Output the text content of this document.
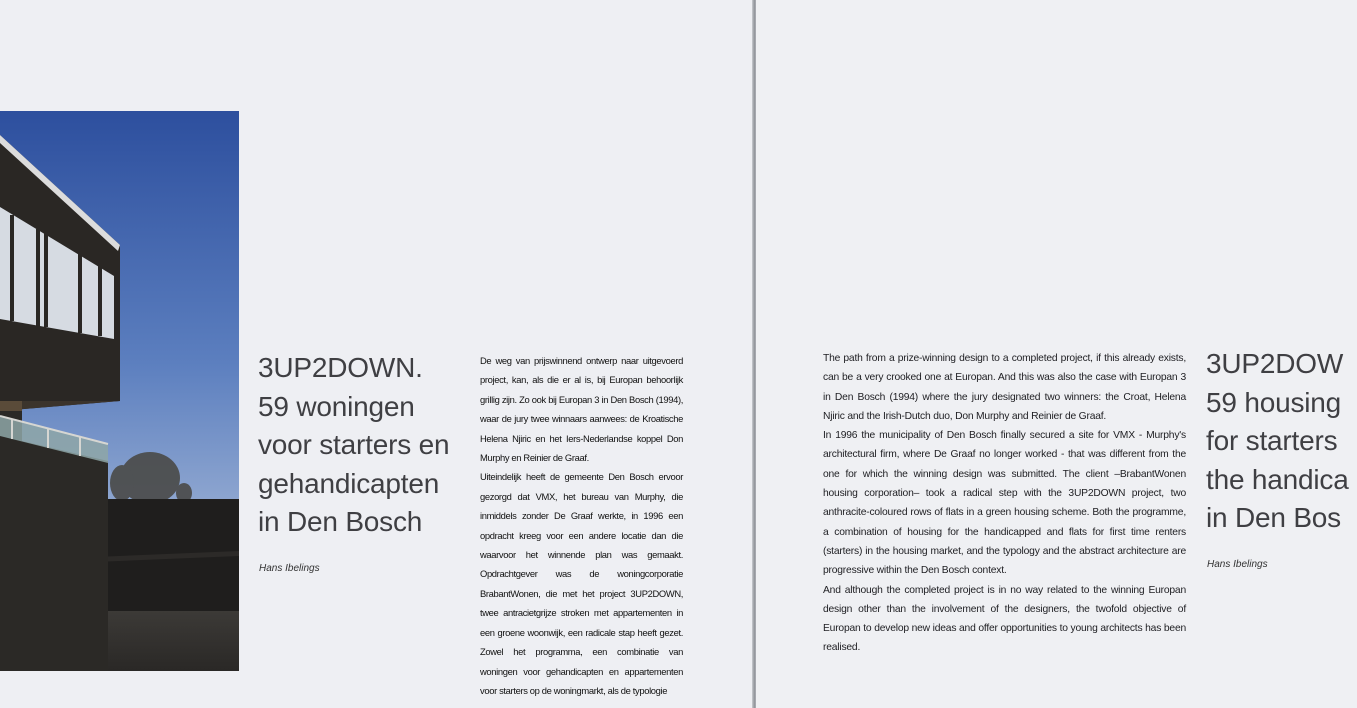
3UP2DOWN.
59 woningen
voor starters en
gehandicapten
in Den Bosch

Hans Ibelings

De weg van prijswinnend ontwerp naar uitgevoerd project, kan, als die er al is, bij Europan behoorlijk grillig zijn. Zo ook bij Europan 3 in Den Bosch (1994), waar de jury twee winnaars aanwees: de Kroatische Helena Njiric en het Iers-Nederlandse koppel Don Murphy en Reinier de Graaf.

Uiteindelijk heeft de gemeente Den Bosch ervoor gezorgd dat VMX, het bureau van Murphy, die inmiddels zonder De Graaf werkte, in 1996 een opdracht kreeg voor een andere locatie dan die waarvoor het winnende plan was gemaakt. Opdrachtgever was de woningcorporatie BrabantWonen, die met het project 3UP2DOWN, twee antracietgrijze stroken met appartementen in een groene woonwijk, een radicale stap heeft gezet. Zowel het programma, een combinatie van woningen voor gehandicapten en appartementen voor starters op de woningmarkt, als de typologie

The path from a prize-winning design to a completed project, if this already exists, can be a very crooked one at Europan. And this was also the case with Europan 3 in Den Bosch (1994) where the jury designated two winners: the Croat, Helena Njiric and the Irish-Dutch duo, Don Murphy and Reinier de Graaf.

In 1996 the municipality of Den Bosch finally secured a site for VMX - Murphy's architectural firm, where De Graaf no longer worked - that was different from the one for which the winning design was submitted. The client –BrabantWonen housing corporation– took a radical step with the 3UP2DOWN project, two anthracite-coloured rows of flats in a green housing scheme. Both the programme, a combination of housing for the handicapped and flats for first time renters (starters) in the housing market, and the typology and the abstract architecture are progressive within the Den Bosch context.

And although the completed project is in no way related to the winning Europan design other than the involvement of the designers, the twofold objective of Europan to develop new ideas and offer opportunities to young architects has been realised.

3UP2DOW
59 housing
for starters
the handica
in Den Bos

Hans Ibelings
